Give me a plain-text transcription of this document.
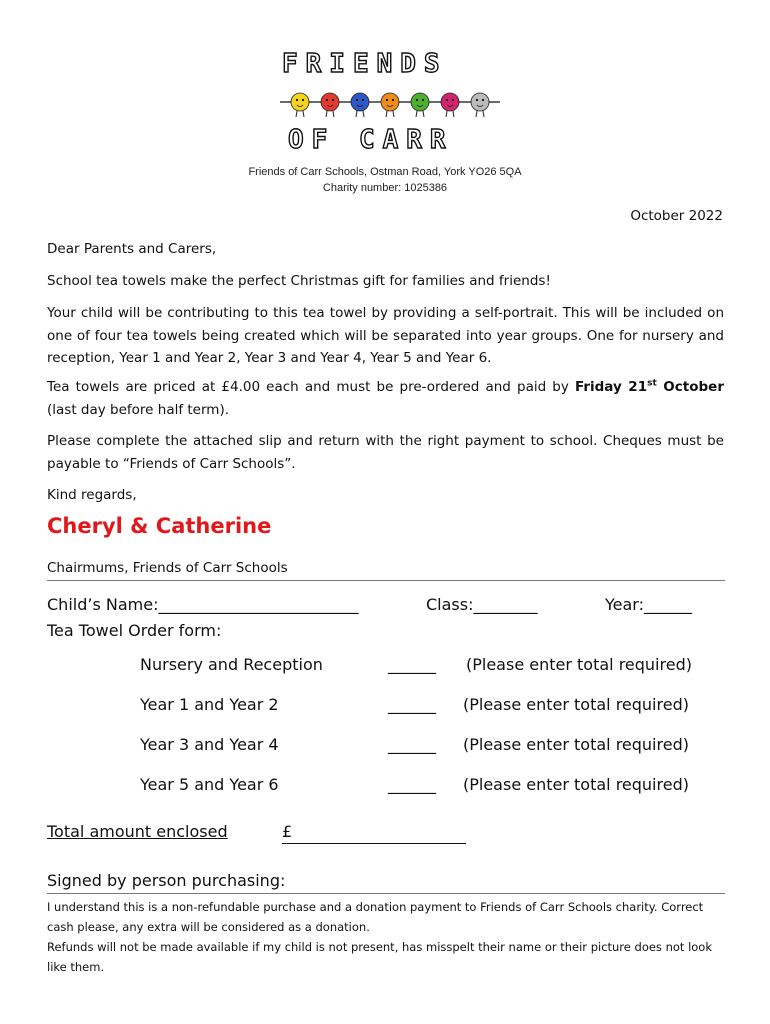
FRIENDS
OF CARR
Friends of Carr Schools, Ostman Road, York YO26 5QA
Charity number: 1025386
October 2022
Dear Parents and Carers,
School tea towels make the perfect Christmas gift for families and friends!
Your child will be contributing to this tea towel by providing a self-portrait. This will be included on one of four tea towels being created which will be separated into year groups. One for nursery and reception, Year 1 and Year 2, Year 3 and Year 4, Year 5 and Year 6.
Tea towels are priced at £4.00 each and must be pre-ordered and paid by Friday 21st October (last day before half term).
Please complete the attached slip and return with the right payment to school. Cheques must be payable to “Friends of Carr Schools”.
Kind regards,
Cheryl & Catherine
Chairmums, Friends of Carr Schools
Child’s Name:_________________________	Class:________	Year:______
Tea Towel Order form:
Nursery and Reception	______ (Please enter total required)
Year 1 and Year 2	______ (Please enter total required)
Year 3 and Year 4	______ (Please enter total required)
Year 5 and Year 6	______ (Please enter total required)
Total amount enclosed	£
Signed by person purchasing:
I understand this is a non-refundable purchase and a donation payment to Friends of Carr Schools charity. Correct cash please, any extra will be considered as a donation.
Refunds will not be made available if my child is not present, has misspelt their name or their picture does not look like them.
